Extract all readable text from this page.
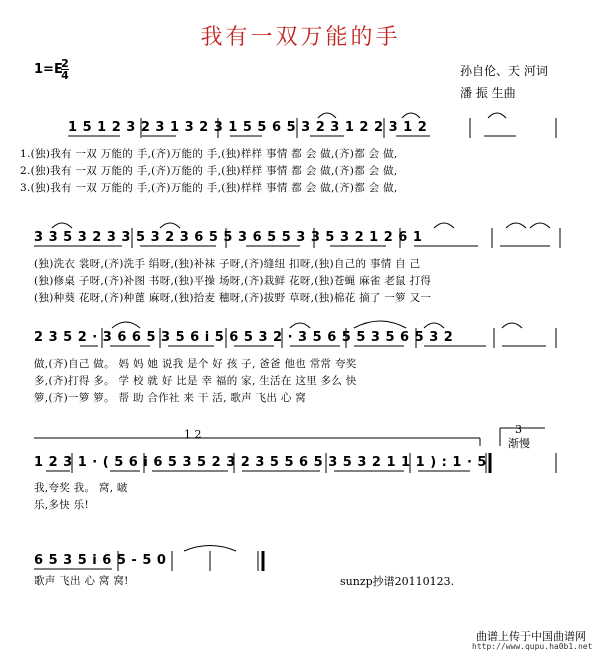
我有一双万能的手
1=E
2
4	孙自伦、天 河词
潘 振 生曲
1 5 1 2 3 2 3 1 3 2 3 1 5 5 6 5 3 2 3 1 2 2 3 1 2
1.(独)我有 一双 万能的 手,(齐)万能的 手,(独)样样 事情 都 会 做,(齐)都 会 做,
2.(独)我有 一双 万能的 手,(齐)万能的 手,(独)样样 事情 都 会 做,(齐)都 会 做,
3.(独)我有 一双 万能的 手,(齐)万能的 手,(独)样样 事情 都 会 做,(齐)都 会 做,
3 3 5 3 2 3 3 5 3 2 3 6 5 5 3 6 5 5 3 3 5 3 2 1 2 6 1
(独)洗衣 裳呀,(齐)洗手 绢呀,(独)补袜 子呀,(齐)缝纽 扣呀,(独)自己的 事情 自 己
(独)修桌 子呀,(齐)补图 书呀,(独)平操 场呀,(齐)栽鲜 花呀,(独)苍蝇 麻雀 老鼠 打得
(独)种葵 花呀,(齐)种蓖 麻呀,(独)拾麦 穗呀,(齐)拔野 草呀,(独)棉花 摘了 一箩 又一
2 3 5 2 · 3 6 6 5 3 5 6 i 5 6 5 3 2 · 3 5 6 5 5 3 5 6 5 3 2
做,(齐)自己 做。 妈 妈 她 说我 是个 好 孩 子, 爸爸 他也 常常 夸奖
多,(齐)打得 多。 学 校 就 好 比是 幸 福的 家, 生活在 这里 多么 快
箩,(齐)一箩 箩。 帮 助 合作社 来 干 活, 歌声 飞出 心 窝
1 2	3
渐慢
1 2 3 1 · ( 5 6 i 6 5 3 5 2 3 2 3 5 5 6 5 3 5 3 2 1 1 1 ) : 1 · 5
我,夸奖 我。 窝, 啵
乐,多快 乐!
6 5 3 5 i 6 5 - 5 0
歌声 飞出 心 窝 窝!	sunzp抄谱20110123.
曲谱上传于中国曲谱网
http://www.qupu.ha0b1.net
